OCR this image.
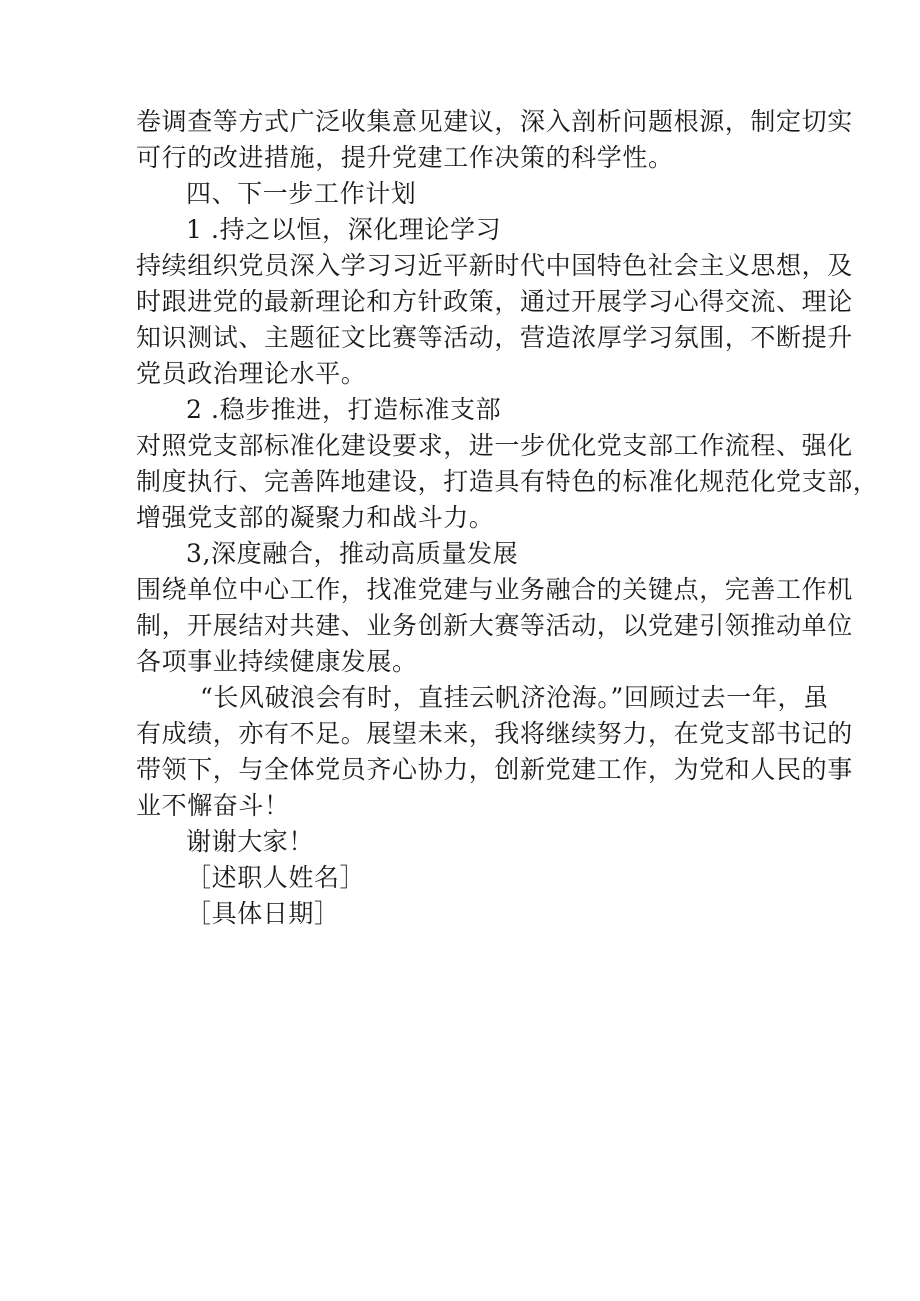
卷调查等方式广泛收集意见建议，深入剖析问题根源，制定切实
可行的改进措施，提升党建工作决策的科学性。
四、下一步工作计划
1 .持之以恒，深化理论学习
持续组织党员深入学习习近平新时代中国特色社会主义思想，及
时跟进党的最新理论和方针政策，通过开展学习心得交流、理论
知识测试、主题征文比赛等活动，营造浓厚学习氛围，不断提升
党员政治理论水平。
2 .稳步推进，打造标准支部
对照党支部标准化建设要求，进一步优化党支部工作流程、强化
制度执行、完善阵地建设，打造具有特色的标准化规范化党支部，
增强党支部的凝聚力和战斗力。
3,深度融合，推动高质量发展
围绕单位中心工作，找准党建与业务融合的关键点，完善工作机
制，开展结对共建、业务创新大赛等活动，以党建引领推动单位
各项事业持续健康发展。
“长风破浪会有时，直挂云帆济沧海。”回顾过去一年，虽
有成绩，亦有不足。展望未来，我将继续努力，在党支部书记的
带领下，与全体党员齐心协力，创新党建工作，为党和人民的事
业不懈奋斗！
谢谢大家！
［述职人姓名］
［具体日期］
